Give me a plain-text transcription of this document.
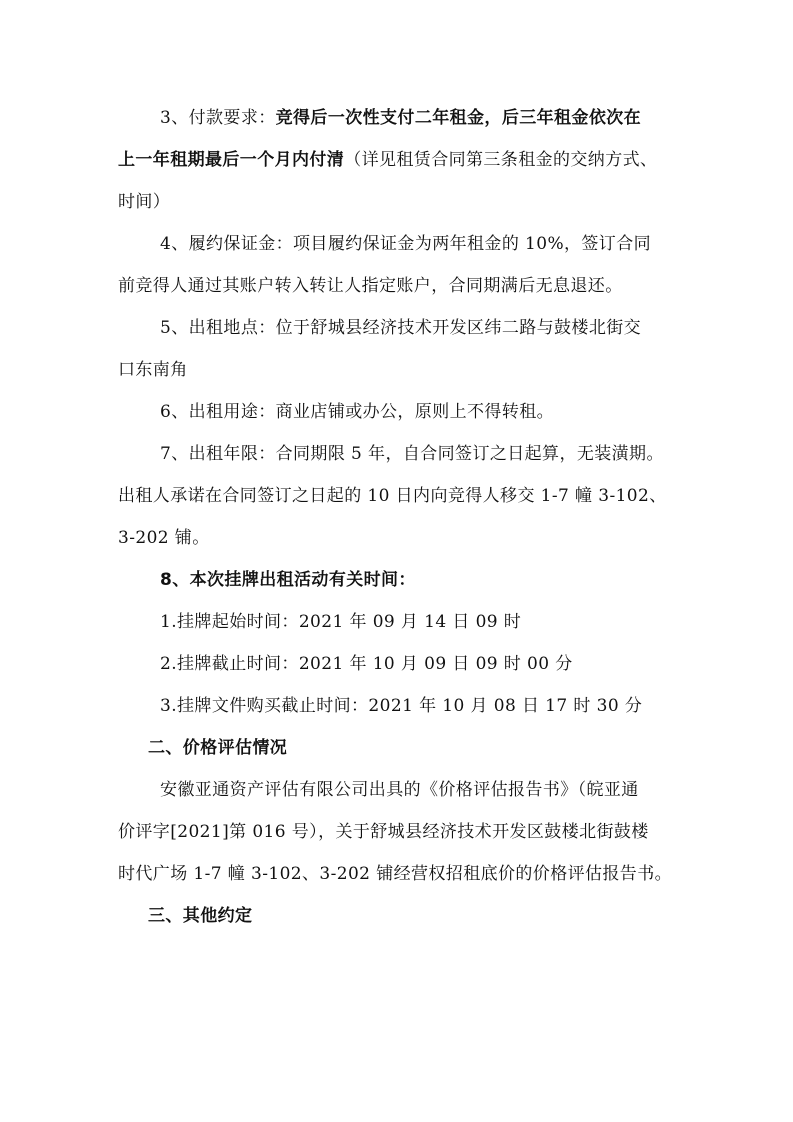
3、付款要求：竞得后一次性支付二年租金，后三年租金依次在
上一年租期最后一个月内付清（详见租赁合同第三条租金的交纳方式、
时间）
4、履约保证金：项目履约保证金为两年租金的 10%，签订合同
前竞得人通过其账户转入转让人指定账户，合同期满后无息退还。
5、出租地点：位于舒城县经济技术开发区纬二路与鼓楼北街交
口东南角
6、出租用途：商业店铺或办公，原则上不得转租。
7、出租年限：合同期限 5 年，自合同签订之日起算，无装潢期。
出租人承诺在合同签订之日起的 10 日内向竞得人移交 1-7 幢 3-102、
3-202 铺。
8、本次挂牌出租活动有关时间：
1.挂牌起始时间：2021 年 09 月 14 日 09 时
2.挂牌截止时间：2021 年 10 月 09 日 09 时 00 分
3.挂牌文件购买截止时间：2021 年 10 月 08 日 17 时 30 分
二、价格评估情况
安徽亚通资产评估有限公司出具的《价格评估报告书》（皖亚通
价评字[2021]第 016 号），关于舒城县经济技术开发区鼓楼北街鼓楼
时代广场 1-7 幢 3-102、3-202 铺经营权招租底价的价格评估报告书。
三、其他约定
